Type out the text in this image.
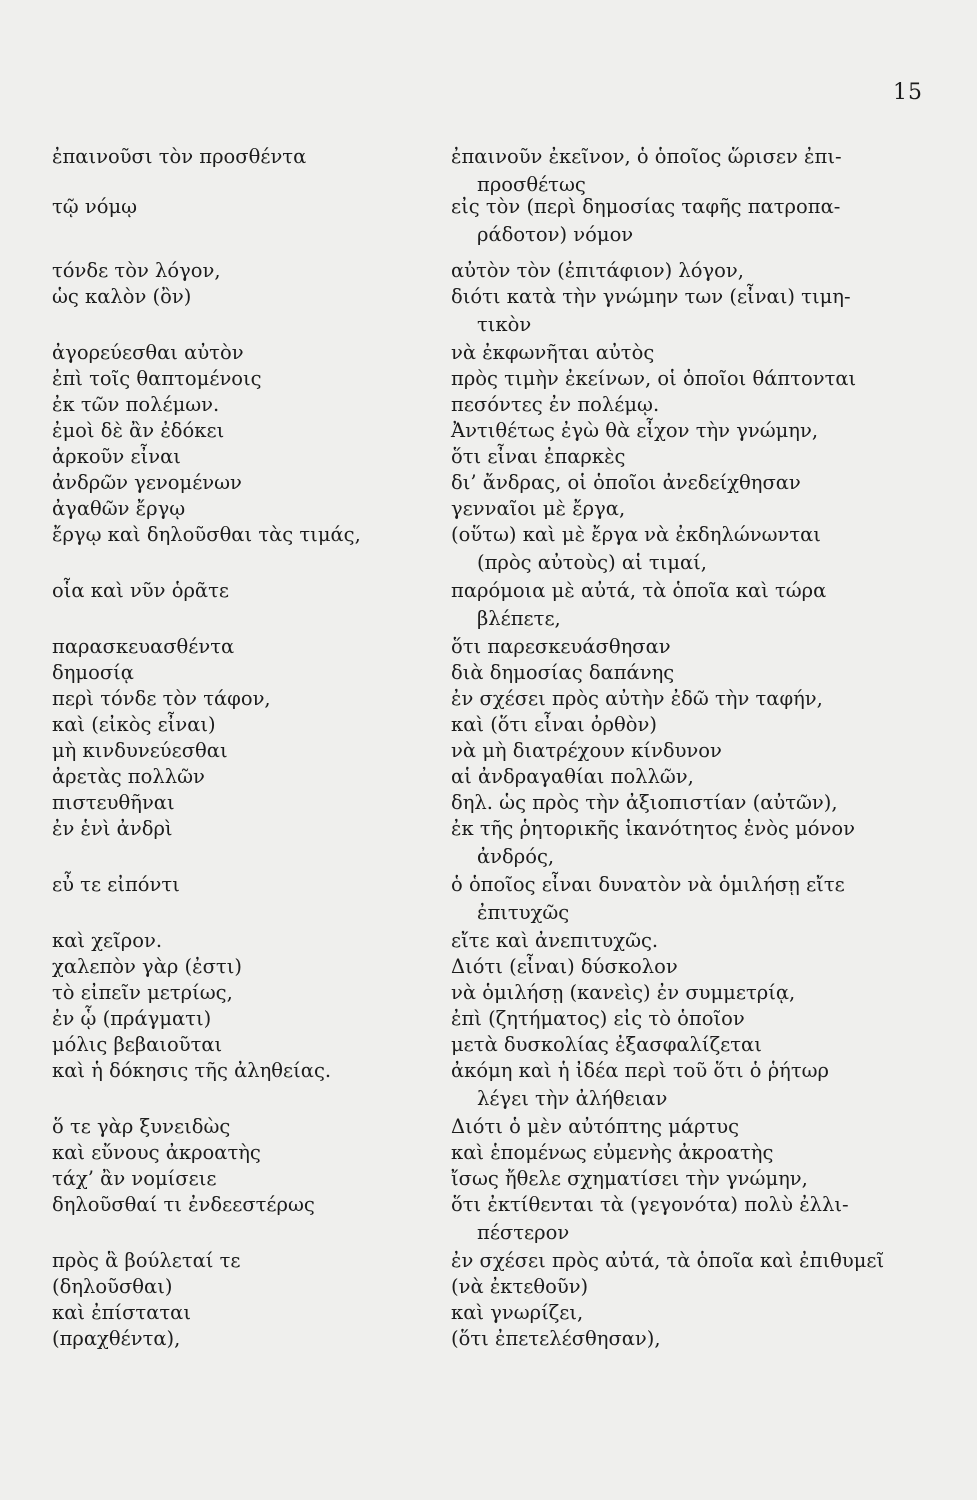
15
ἐπαινοῦσι τὸν προσθέντα	ἐπαινοῦν ἐκεῖνον, ὁ ὁποῖος ὥρισεν ἐπι-
προσθέτως
τῷ νόμῳ	εἰς τὸν (περὶ δημοσίας ταφῆς πατροπα-
ράδοτον) νόμον
τόνδε τὸν λόγον,	αὐτὸν τὸν (ἐπιτάφιον) λόγον,
ὡς καλὸν (ὂν)	διότι κατὰ τὴν γνώμην των (εἶναι) τιμη-
τικὸν
ἀγορεύεσθαι αὐτὸν	νὰ ἐκφωνῆται αὐτὸς
ἐπὶ τοῖς θαπτομένοις	πρὸς τιμὴν ἐκείνων, οἱ ὁποῖοι θάπτονται
ἐκ τῶν πολέμων.	πεσόντες ἐν πολέμῳ.
ἐμοὶ δὲ ἂν ἐδόκει	Ἀντιθέτως ἐγὼ θὰ εἶχον τὴν γνώμην,
ἀρκοῦν εἶναι	ὅτι εἶναι ἐπαρκὲς
ἀνδρῶν γενομένων	δι’ ἄνδρας, οἱ ὁποῖοι ἀνεδείχθησαν
ἀγαθῶν ἔργῳ	γενναῖοι μὲ ἔργα,
ἔργῳ καὶ δηλοῦσθαι τὰς τιμάς,	(οὕτω) καὶ μὲ ἔργα νὰ ἐκδηλώνωνται
(πρὸς αὐτοὺς) αἱ τιμαί,
οἷα καὶ νῦν ὁρᾶτε	παρόμοια μὲ αὐτά, τὰ ὁποῖα καὶ τώρα
βλέπετε,
παρασκευασθέντα	ὅτι παρεσκευάσθησαν
δημοσίᾳ	διὰ δημοσίας δαπάνης
περὶ τόνδε τὸν τάφον,	ἐν σχέσει πρὸς αὐτὴν ἐδῶ τὴν ταφήν,
καὶ (εἰκὸς εἶναι)	καὶ (ὅτι εἶναι ὀρθὸν)
μὴ κινδυνεύεσθαι	νὰ μὴ διατρέχουν κίνδυνον
ἀρετὰς πολλῶν	αἱ ἀνδραγαθίαι πολλῶν,
πιστευθῆναι	δηλ. ὡς πρὸς τὴν ἀξιοπιστίαν (αὐτῶν),
ἐν ἑνὶ ἀνδρὶ	ἐκ τῆς ῥητορικῆς ἱκανότητος ἑνὸς μόνον
ἀνδρός,
εὖ τε εἰπόντι	ὁ ὁποῖος εἶναι δυνατὸν νὰ ὁμιλήσῃ εἴτε
ἐπιτυχῶς
καὶ χεῖρον.	εἴτε καὶ ἀνεπιτυχῶς.
χαλεπὸν γὰρ (ἐστι)	Διότι (εἶναι) δύσκολον
τὸ εἰπεῖν μετρίως,	νὰ ὁμιλήσῃ (κανεὶς) ἐν συμμετρίᾳ,
ἐν ᾧ (πράγματι)	ἐπὶ (ζητήματος) εἰς τὸ ὁποῖον
μόλις βεβαιοῦται	μετὰ δυσκολίας ἐξασφαλίζεται
καὶ ἡ δόκησις τῆς ἀληθείας.	ἀκόμη καὶ ἡ ἰδέα περὶ τοῦ ὅτι ὁ ῥήτωρ
λέγει τὴν ἀλήθειαν
ὅ τε γὰρ ξυνειδὼς	Διότι ὁ μὲν αὐτόπτης μάρτυς
καὶ εὔνους ἀκροατὴς	καὶ ἑπομένως εὐμενὴς ἀκροατὴς
τάχ’ ἂν νομίσειε	ἴσως ἤθελε σχηματίσει τὴν γνώμην,
δηλοῦσθαί τι ἐνδεεστέρως	ὅτι ἐκτίθενται τὰ (γεγονότα) πολὺ ἐλλι-
πέστερον
πρὸς ἃ βούλεταί τε	ἐν σχέσει πρὸς αὐτά, τὰ ὁποῖα καὶ ἐπιθυμεῖ
(δηλοῦσθαι)	(νὰ ἐκτεθοῦν)
καὶ ἐπίσταται	καὶ γνωρίζει,
(πραχθέντα),	(ὅτι ἐπετελέσθησαν),
